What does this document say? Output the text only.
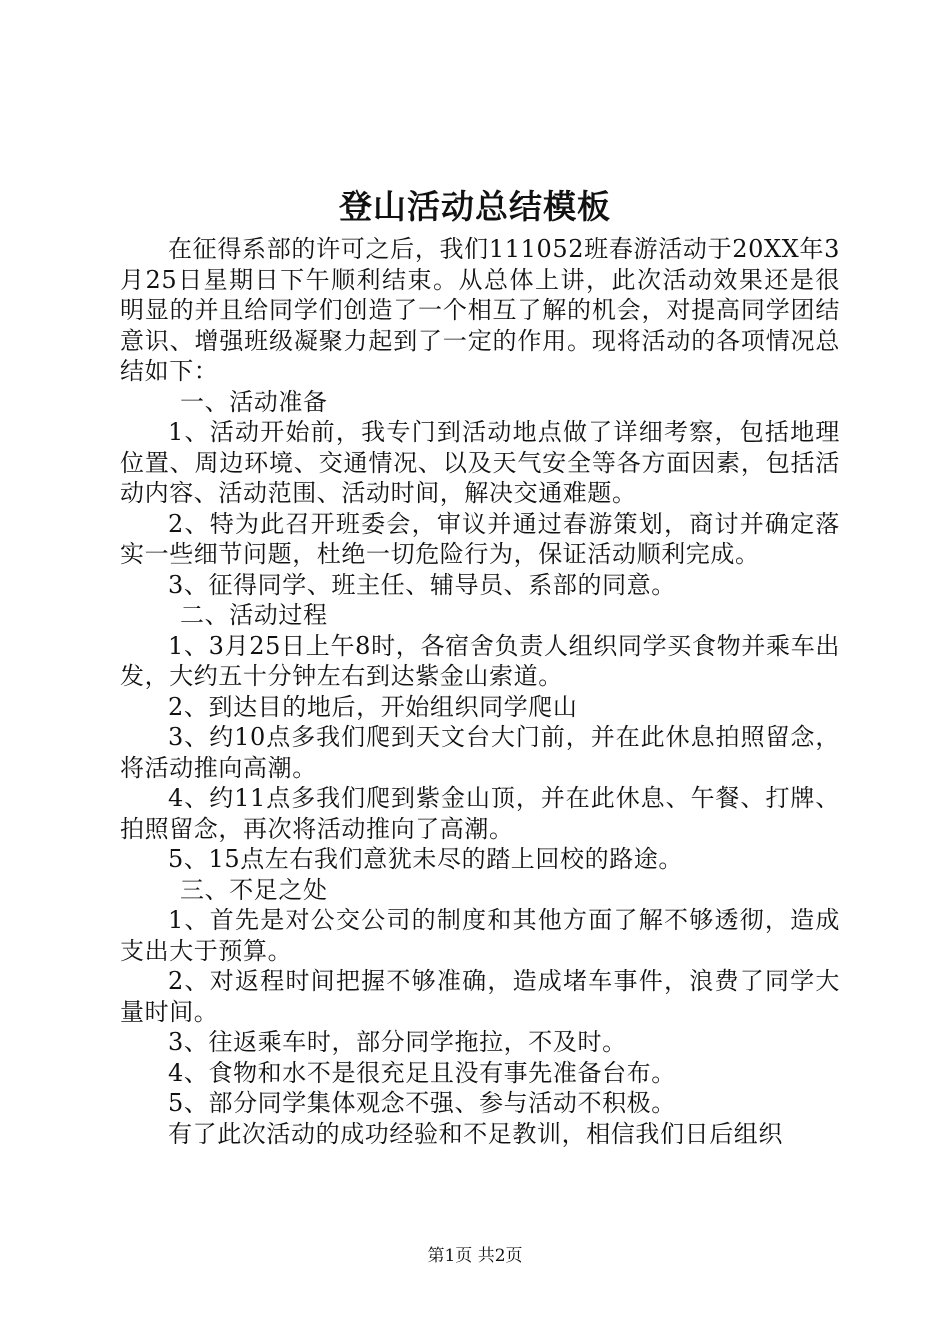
登山活动总结模板

在征得系部的许可之后，我们111052班春游活动于20XX年3月25日星期日下午顺利结束。从总体上讲，此次活动效果还是很明显的并且给同学们创造了一个相互了解的机会，对提高同学团结意识、增强班级凝聚力起到了一定的作用。现将活动的各项情况总结如下：

一、活动准备

1、活动开始前，我专门到活动地点做了详细考察，包括地理位置、周边环境、交通情况、以及天气安全等各方面因素，包括活动内容、活动范围、活动时间，解决交通难题。

2、特为此召开班委会，审议并通过春游策划，商讨并确定落实一些细节问题，杜绝一切危险行为，保证活动顺利完成。

3、征得同学、班主任、辅导员、系部的同意。

二、活动过程

1、3月25日上午8时，各宿舍负责人组织同学买食物并乘车出发，大约五十分钟左右到达紫金山索道。

2、到达目的地后，开始组织同学爬山

3、约10点多我们爬到天文台大门前，并在此休息拍照留念，将活动推向高潮。

4、约11点多我们爬到紫金山顶，并在此休息、午餐、打牌、拍照留念，再次将活动推向了高潮。

5、15点左右我们意犹未尽的踏上回校的路途。

三、不足之处

1、首先是对公交公司的制度和其他方面了解不够透彻，造成支出大于预算。

2、对返程时间把握不够准确，造成堵车事件，浪费了同学大量时间。

3、往返乘车时，部分同学拖拉，不及时。

4、食物和水不是很充足且没有事先准备台布。

5、部分同学集体观念不强、参与活动不积极。

有了此次活动的成功经验和不足教训，相信我们日后组织

第1页 共2页
